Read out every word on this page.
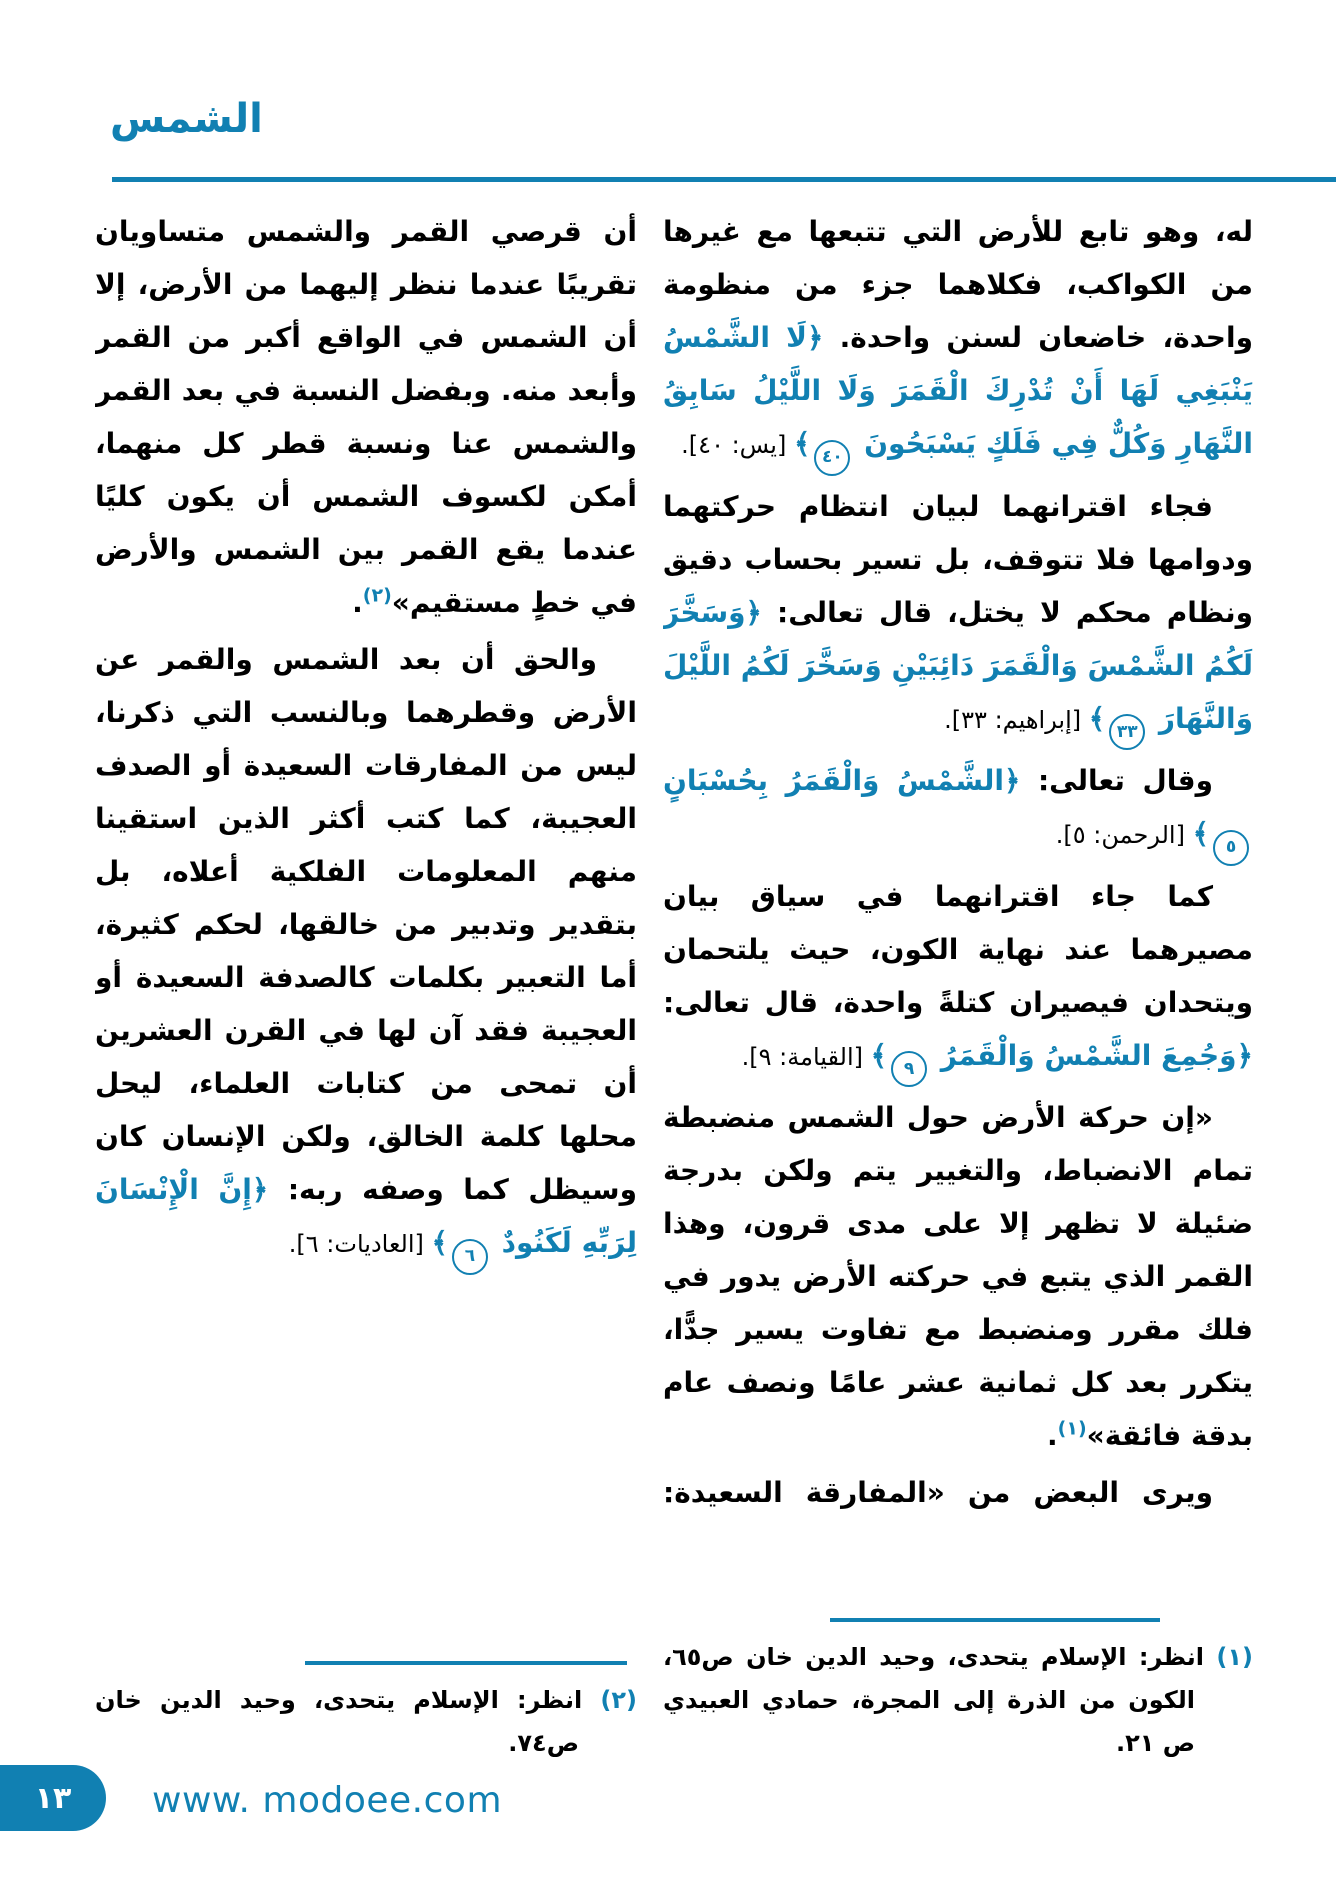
الشمس

له، وهو تابع للأرض التي تتبعها مع غيرها من الكواكب، فكلاهما جزء من منظومة واحدة، خاضعان لسنن واحدة. ﴿لَا الشَّمْسُ يَنْبَغِي لَهَا أَنْ تُدْرِكَ الْقَمَرَ وَلَا اللَّيْلُ سَابِقُ النَّهَارِ وَكُلٌّ فِي فَلَكٍ يَسْبَحُونَ ٤٠﴾ [يس: ٤٠].

فجاء اقترانهما لبيان انتظام حركتهما ودوامها فلا تتوقف، بل تسير بحساب دقيق ونظام محكم لا يختل، قال تعالى: ﴿وَسَخَّرَ لَكُمُ الشَّمْسَ وَالْقَمَرَ دَائِبَيْنِ وَسَخَّرَ لَكُمُ اللَّيْلَ وَالنَّهَارَ ٣٣﴾ [إبراهيم: ٣٣].

وقال تعالى: ﴿الشَّمْسُ وَالْقَمَرُ بِحُسْبَانٍ ٥﴾ [الرحمن: ٥].

كما جاء اقترانهما في سياق بيان مصيرهما عند نهاية الكون، حيث يلتحمان ويتحدان فيصيران كتلةً واحدة، قال تعالى: ﴿وَجُمِعَ الشَّمْسُ وَالْقَمَرُ ٩﴾ [القيامة: ٩].

«إن حركة الأرض حول الشمس منضبطة تمام الانضباط، والتغيير يتم ولكن بدرجة ضئيلة لا تظهر إلا على مدى قرون، وهذا القمر الذي يتبع في حركته الأرض يدور في فلك مقرر ومنضبط مع تفاوت يسير جدًّا، يتكرر بعد كل ثمانية عشر عامًا ونصف عام بدقة فائقة»$^{(١)}$.

ويرى البعض من «المفارقة السعيدة:

(١) انظر: الإسلام يتحدى، وحيد الدين خان ص٦٥، الكون من الذرة إلى المجرة، حمادي العبيدي ص ٢١.

أن قرصي القمر والشمس متساويان تقريبًا عندما ننظر إليهما من الأرض، إلا أن الشمس في الواقع أكبر من القمر وأبعد منه. وبفضل النسبة في بعد القمر والشمس عنا ونسبة قطر كل منهما، أمكن لكسوف الشمس أن يكون كليًا عندما يقع القمر بين الشمس والأرض في خطٍ مستقيم»$^{(٢)}$.

والحق أن بعد الشمس والقمر عن الأرض وقطرهما وبالنسب التي ذكرنا، ليس من المفارقات السعيدة أو الصدف العجيبة، كما كتب أكثر الذين استقينا منهم المعلومات الفلكية أعلاه، بل بتقدير وتدبير من خالقها، لحكم كثيرة، أما التعبير بكلمات كالصدفة السعيدة أو العجيبة فقد آن لها في القرن العشرين أن تمحى من كتابات العلماء، ليحل محلها كلمة الخالق، ولكن الإنسان كان وسيظل كما وصفه ربه: ﴿إِنَّ الْإِنْسَانَ لِرَبِّهِ لَكَنُودٌ ٦﴾ [العاديات: ٦].

(٢) انظر: الإسلام يتحدى، وحيد الدين خان ص٧٤.

١٣ www. modoee.com
